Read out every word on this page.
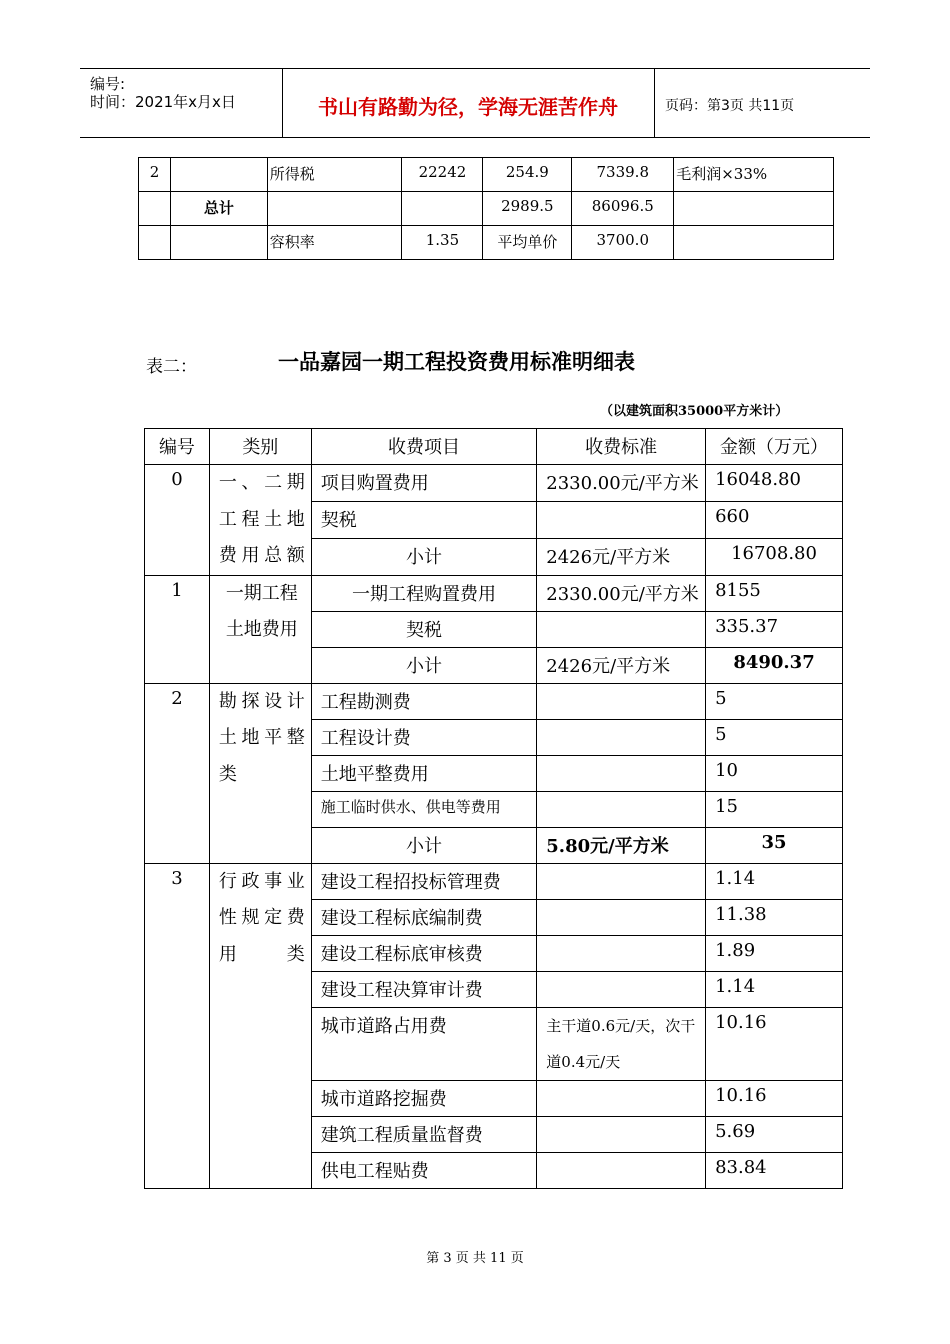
编号:
时间：2021年x月x日	书山有路勤为径，学海无涯苦作舟	页码：第3页 共11页
2		所得税	22242	254.9	7339.8	毛利润×33%
	总计			2989.5	86096.5	
		容积率	1.35	平均单价	3700.0	
表二：	一品嘉园一期工程投资费用标准明细表
（以建筑面积35000平方米计）
编号	类别	收费项目	收费标准	金额（万元）
0	一、二期工程土地费用总额	项目购置费用	2330.00元/平方米	16048.80
		契税		660
		小计	2426元/平方米	16708.80
1	一期工程土地费用	一期工程购置费用	2330.00元/平方米	8155
		契税		335.37
		小计	2426元/平方米	8490.37
2	勘探设计土地平整类	工程勘测费		5
		工程设计费		5
		土地平整费用		10
		施工临时供水、供电等费用		15
		小计	5.80元/平方米	35
3	行政事业性规定费用类	建设工程招投标管理费		1.14
		建设工程标底编制费		11.38
		建设工程标底审核费		1.89
		建设工程决算审计费		1.14
		城市道路占用费	主干道0.6元/天，次干道0.4元/天	10.16
		城市道路挖掘费		10.16
		建筑工程质量监督费		5.69
		供电工程贴费		83.84
第 3 页 共 11 页
